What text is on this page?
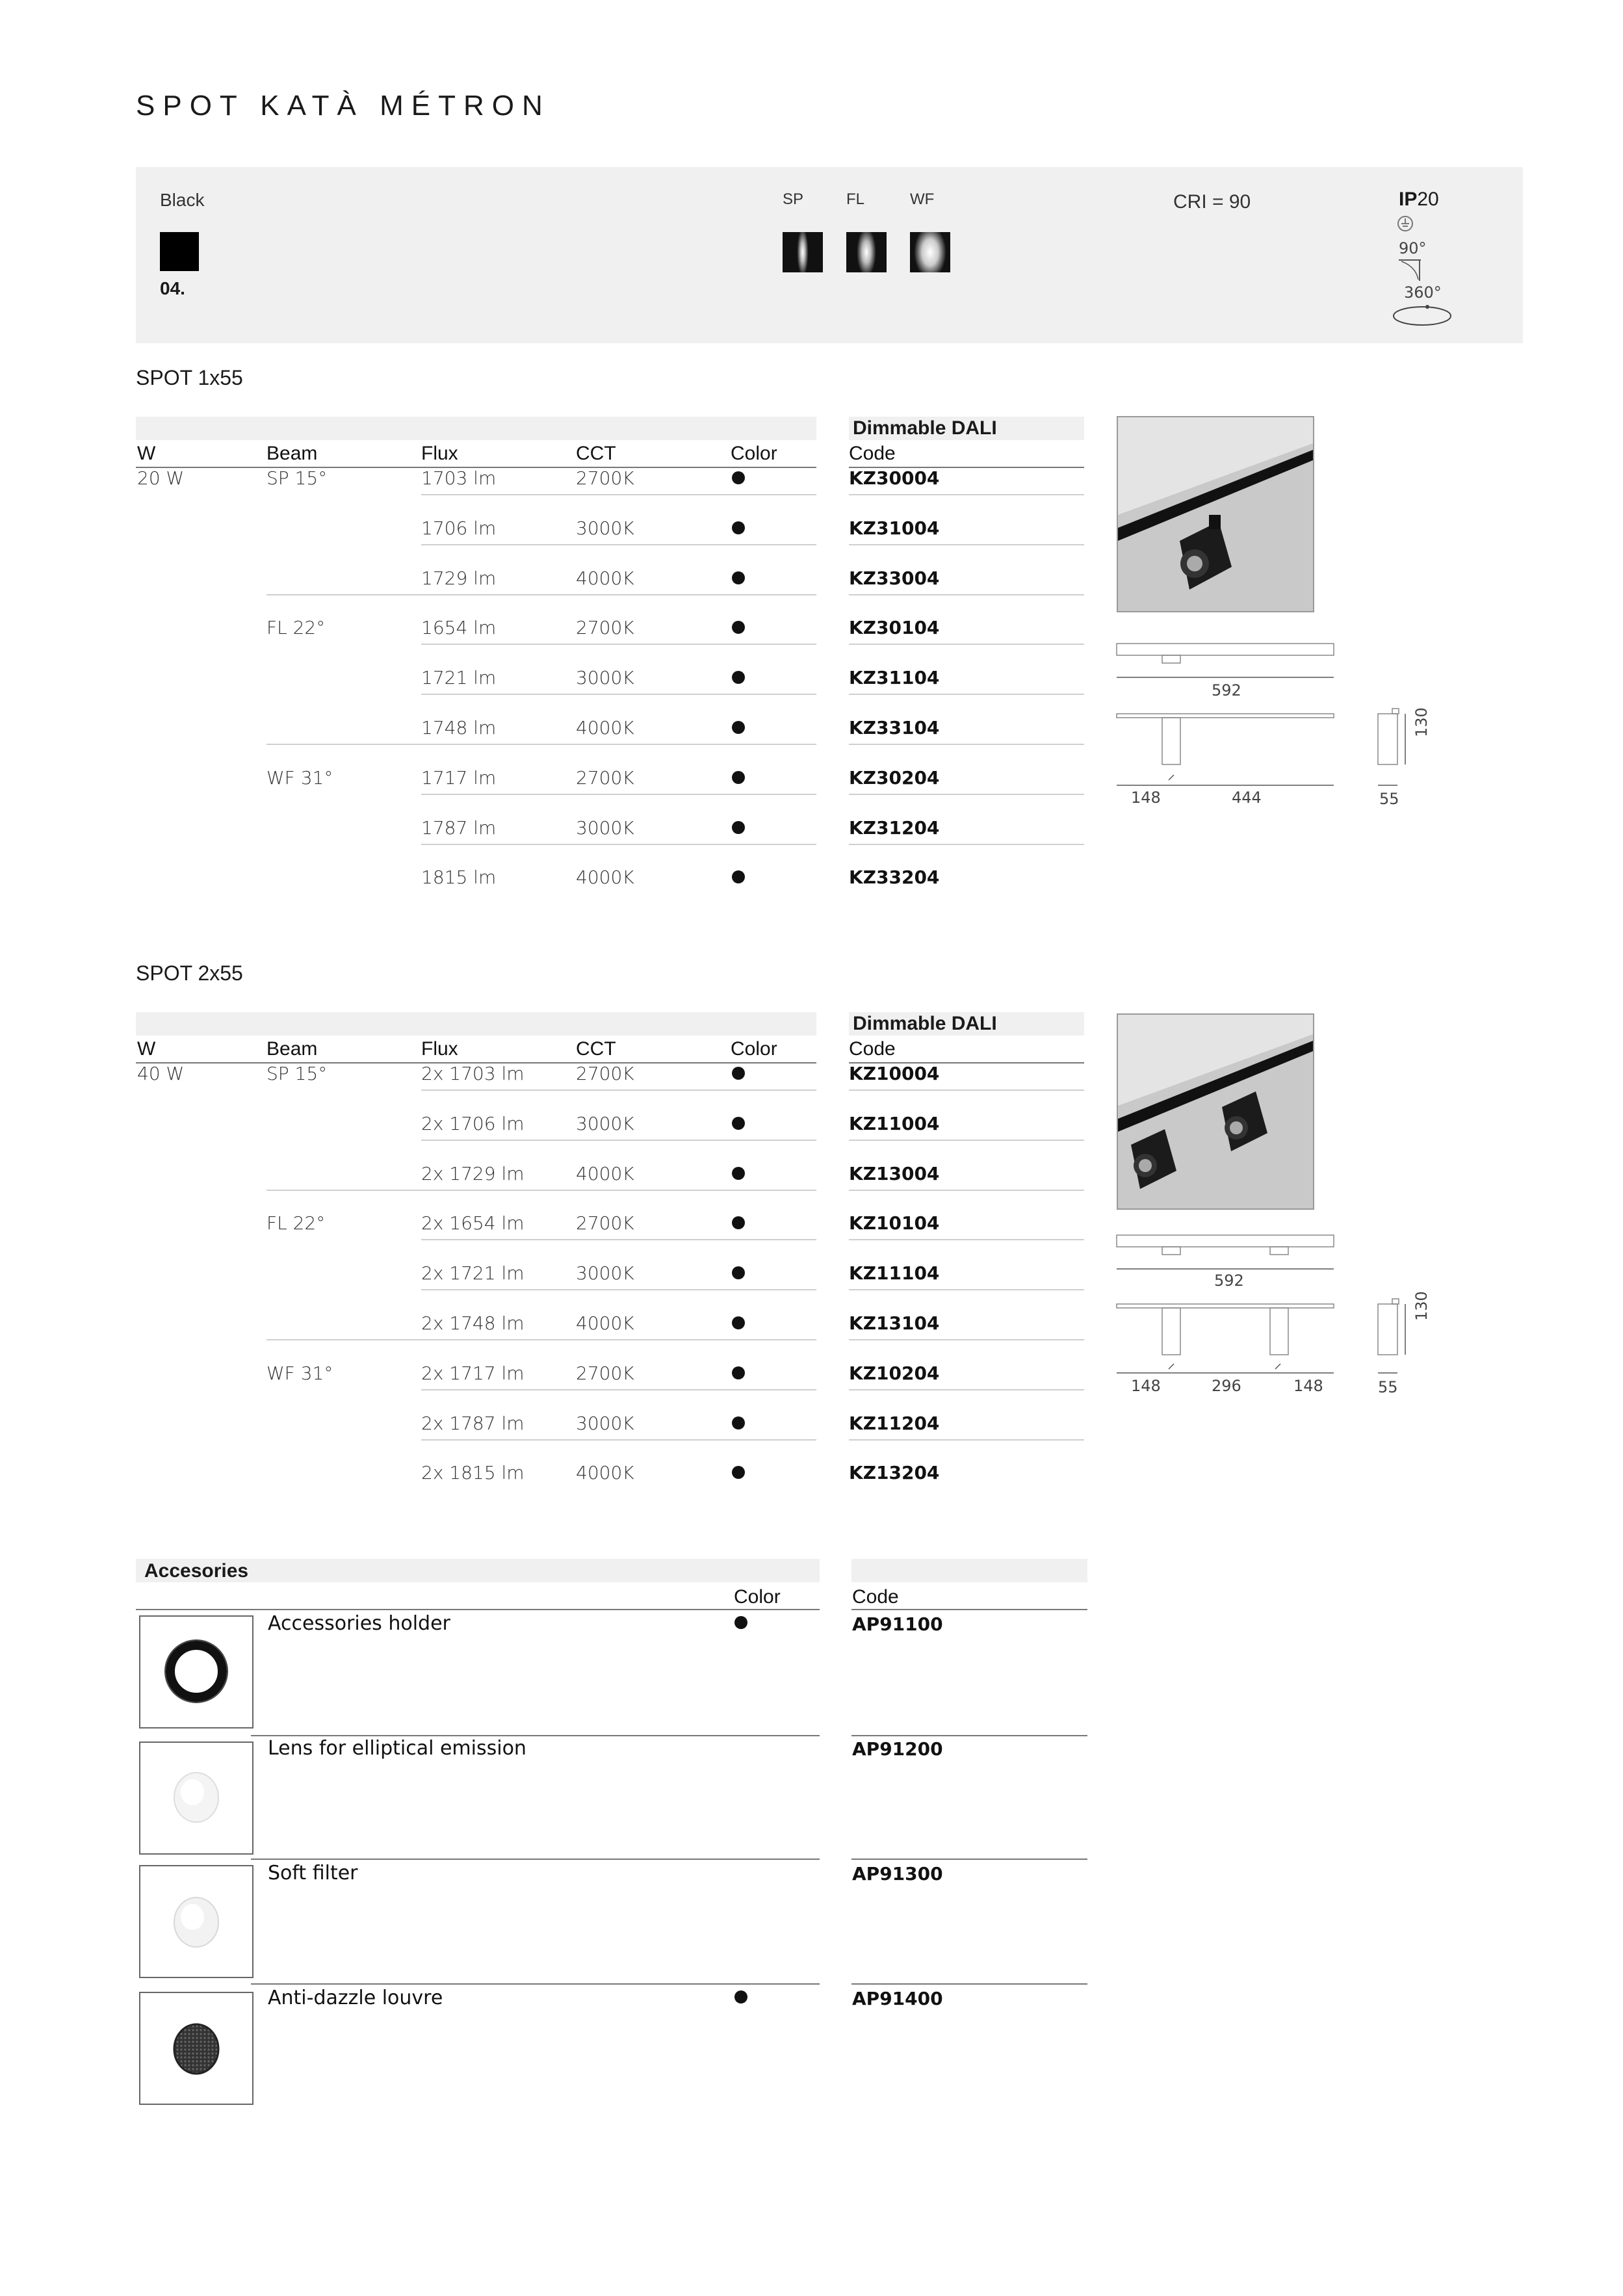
SPOT KATÀ MÉTRON
Black
04.
SP	FL	WF	CRI = 90	IP20
90°
360°
SPOT 1x55
Dimmable DALI
W	Beam	Flux	CCT	Color	Code
20 W	SP 15°	1703 lm	2700K	KZ30004
1706 lm	3000K	KZ31004
1729 lm	4000K	KZ33004
FL 22°	1654 lm	2700K	KZ30104
1721 lm	3000K	KZ31104
1748 lm	4000K	KZ33104
WF 31°	1717 lm	2700K	KZ30204
1787 lm	3000K	KZ31204
1815 lm	4000K	KZ33204
592
148	444	55
130
SPOT 2x55
Dimmable DALI
W	Beam	Flux	CCT	Color	Code
40 W	SP 15°	2x 1703 lm	2700K	KZ10004
2x 1706 lm	3000K	KZ11004
2x 1729 lm	4000K	KZ13004
FL 22°	2x 1654 lm	2700K	KZ10104
2x 1721 lm	3000K	KZ11104
2x 1748 lm	4000K	KZ13104
WF 31°	2x 1717 lm	2700K	KZ10204
2x 1787 lm	3000K	KZ11204
2x 1815 lm	4000K	KZ13204
592
148	296	148	55
130
Accesories
Color	Code
Accessories holder	AP91100
Lens for elliptical emission	AP91200
Soft filter	AP91300
Anti-dazzle louvre	AP91400
